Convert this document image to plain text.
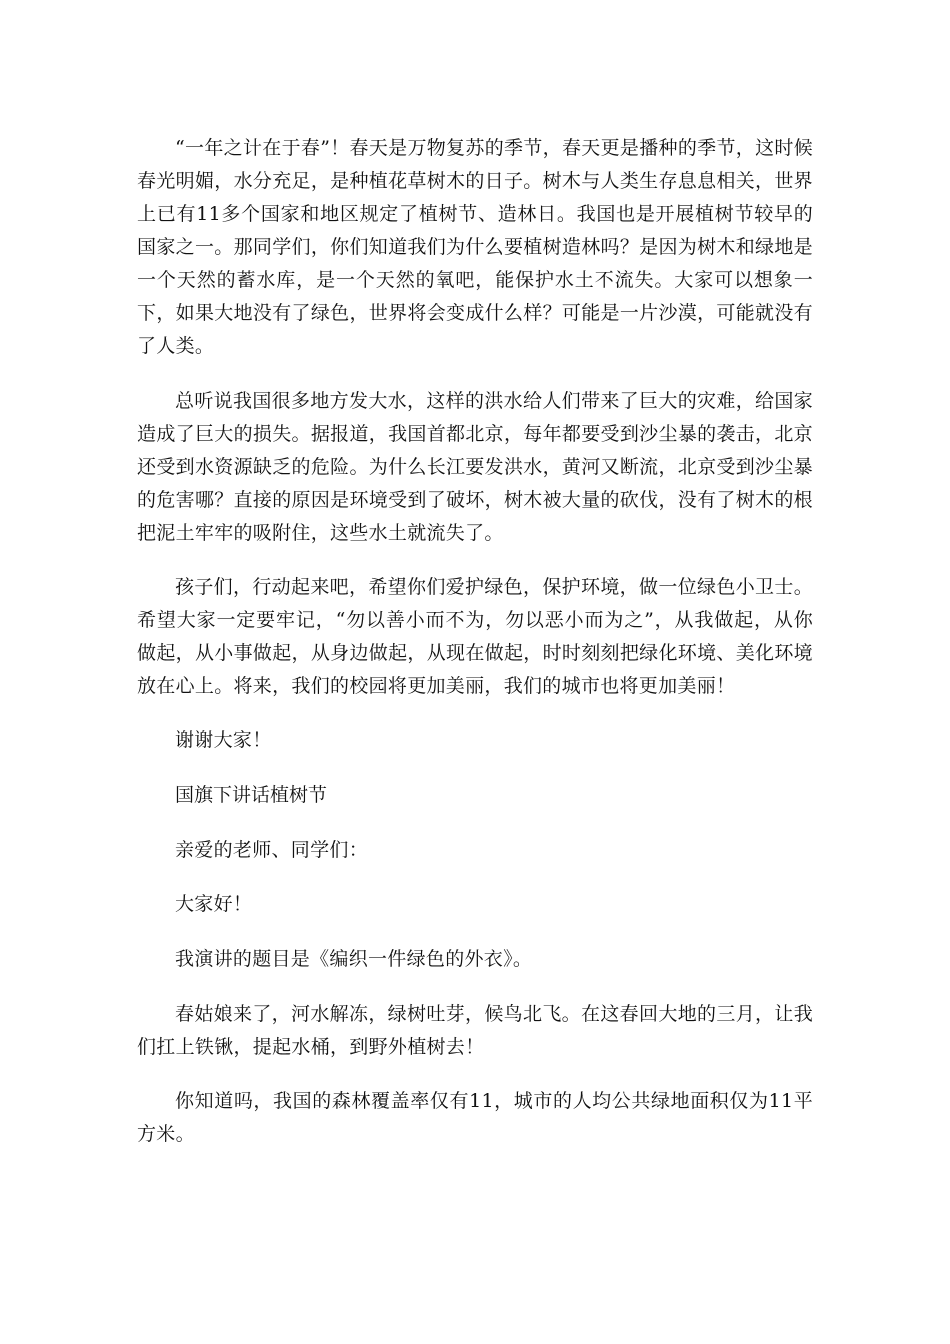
“一年之计在于春”！春天是万物复苏的季节，春天更是播种的季节，这时候春光明媚，水分充足，是种植花草树木的日子。树木与人类生存息息相关，世界上已有11多个国家和地区规定了植树节、造林日。我国也是开展植树节较早的国家之一。那同学们，你们知道我们为什么要植树造林吗？是因为树木和绿地是一个天然的蓄水库，是一个天然的氧吧，能保护水土不流失。大家可以想象一下，如果大地没有了绿色，世界将会变成什么样？可能是一片沙漠，可能就没有了人类。

总听说我国很多地方发大水，这样的洪水给人们带来了巨大的灾难，给国家造成了巨大的损失。据报道，我国首都北京，每年都要受到沙尘暴的袭击，北京还受到水资源缺乏的危险。为什么长江要发洪水，黄河又断流，北京受到沙尘暴的危害哪？直接的原因是环境受到了破坏，树木被大量的砍伐，没有了树木的根把泥土牢牢的吸附住，这些水土就流失了。

孩子们，行动起来吧，希望你们爱护绿色，保护环境，做一位绿色小卫士。希望大家一定要牢记，“勿以善小而不为，勿以恶小而为之”，从我做起，从你做起，从小事做起，从身边做起，从现在做起，时时刻刻把绿化环境、美化环境放在心上。将来，我们的校园将更加美丽，我们的城市也将更加美丽！

谢谢大家！

国旗下讲话植树节

亲爱的老师、同学们：

大家好！

我演讲的题目是《编织一件绿色的外衣》。

春姑娘来了，河水解冻，绿树吐芽，候鸟北飞。在这春回大地的三月，让我们扛上铁锹，提起水桶，到野外植树去！

你知道吗，我国的森林覆盖率仅有11，城市的人均公共绿地面积仅为11平方米。
